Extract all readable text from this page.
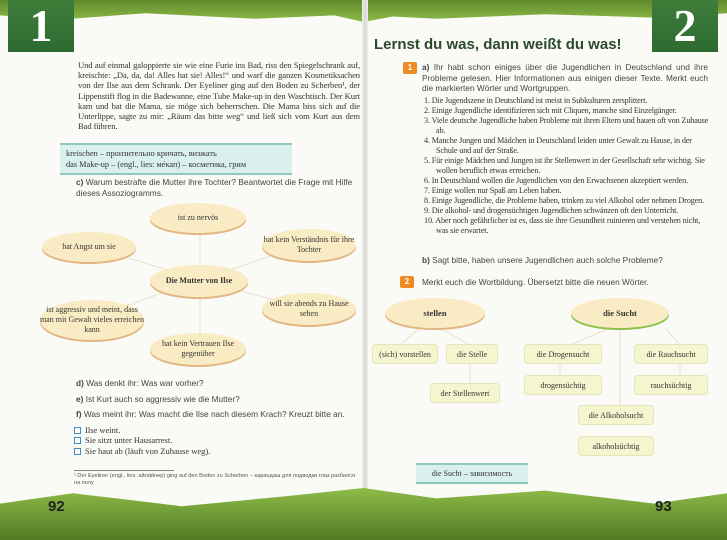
1	2

Und auf einmal galoppierte sie wie eine Furie ins Bad, riss den Spiegelschrank auf, kreischte: „Da, da, da! Alles hat sie! Alles!“ und warf die ganzen Kosmetiksachen von der Ilse aus dem Schrank. Der Eyeliner ging auf den Boden zu Scherben¹, der Lippenstift flog in die Badewanne, eine Tube Make-up in den Waschtisch. Der Kurt kam und bat die Mama, sie möge sich beherrschen. Die Mama biss sich auf die Unterlippe, sagte zu mir: „Räum das bitte weg“ und ließ sich vom Kurt aus dem Bad führen.

kreischen – пронзительно кричать, визжать
das Make-up – (engl., lies: мéкап) – косметика, грим
c) Warum bestrafte die Mutter ihre Tochter? Beantwortet die Frage mit Hilfe dieses Assoziogramms.
ist zu nervös
hat Angst um sie
hat kein Verständnis für ihre Tochter
Die Mutter von Ilse
ist aggressiv und meint, dass man mit Gewalt vieles erreichen kann
will sie abends zu Hause sehen
hat kein Vertrauen Ilse gegenüber
d) Was denkt ihr: Was war vorher?
e) Ist Kurt auch so aggressiv wie die Mutter?
f) Was meint ihr: Was macht die Ilse nach diesem Krach? Kreuzt bitte an.
Ilse weint.
Sie sitzt unter Hausarrest.
Sie haut ab (läuft von Zuhause weg).
¹ Der Eyeliner (engl., lies: айлáйнер) ging auf den Boden zu Scherben – карандаш для подводки глаз разбился на полу
Lernst du was, dann weißt du was!
1	a) Ihr habt schon einiges über die Jugendlichen in Deutschland und ihre Probleme gelesen. Hier Informationen aus einigen dieser Texte. Merkt euch die markierten Wörter und Wortgruppen.
1. Die Jugendszene in Deutschland ist meist in Subkulturen zersplittert.
2. Einige Jugendliche identifizieren sich mit Cliquen, manche sind Einzelgänger.
3. Viele deutsche Jugendliche haben Probleme mit ihren Eltern und hauen oft von Zuhause ab.
4. Manche Jungen und Mädchen in Deutschland leiden unter Gewalt zu Hause, in der Schule und auf der Straße.
5. Für einige Mädchen und Jungen ist ihr Stellenwert in der Gesellschaft sehr wichtig. Sie wollen beruflich etwas erreichen.
6. In Deutschland wollen die Jugendlichen von den Erwachsenen akzeptiert werden.
7. Einige wollen nur Spaß am Leben haben.
8. Einige Jugendliche, die Probleme haben, trinken zu viel Alkohol oder nehmen Drogen.
9. Die alkohol- und drogensüchtigen Jugendlichen schwänzen oft den Unterricht.
10. Aber noch gefährlicher ist es, dass sie ihre Gesundheit ruinieren und verstehen nicht, was sie erwartet.
b) Sagt bitte, haben unsere Jugendlichen auch solche Probleme?
2	Merkt euch die Wortbildung. Übersetzt bitte die neuen Wörter.
stellen	die Sucht
(sich) vorstellen	die Stelle
der Stellenwert
die Drogensucht
drogensüchtig
die Rauchsucht
rauchsüchtig
die Alkoholsucht
alkoholsüchtig
die Sucht – зависимость
92	93
